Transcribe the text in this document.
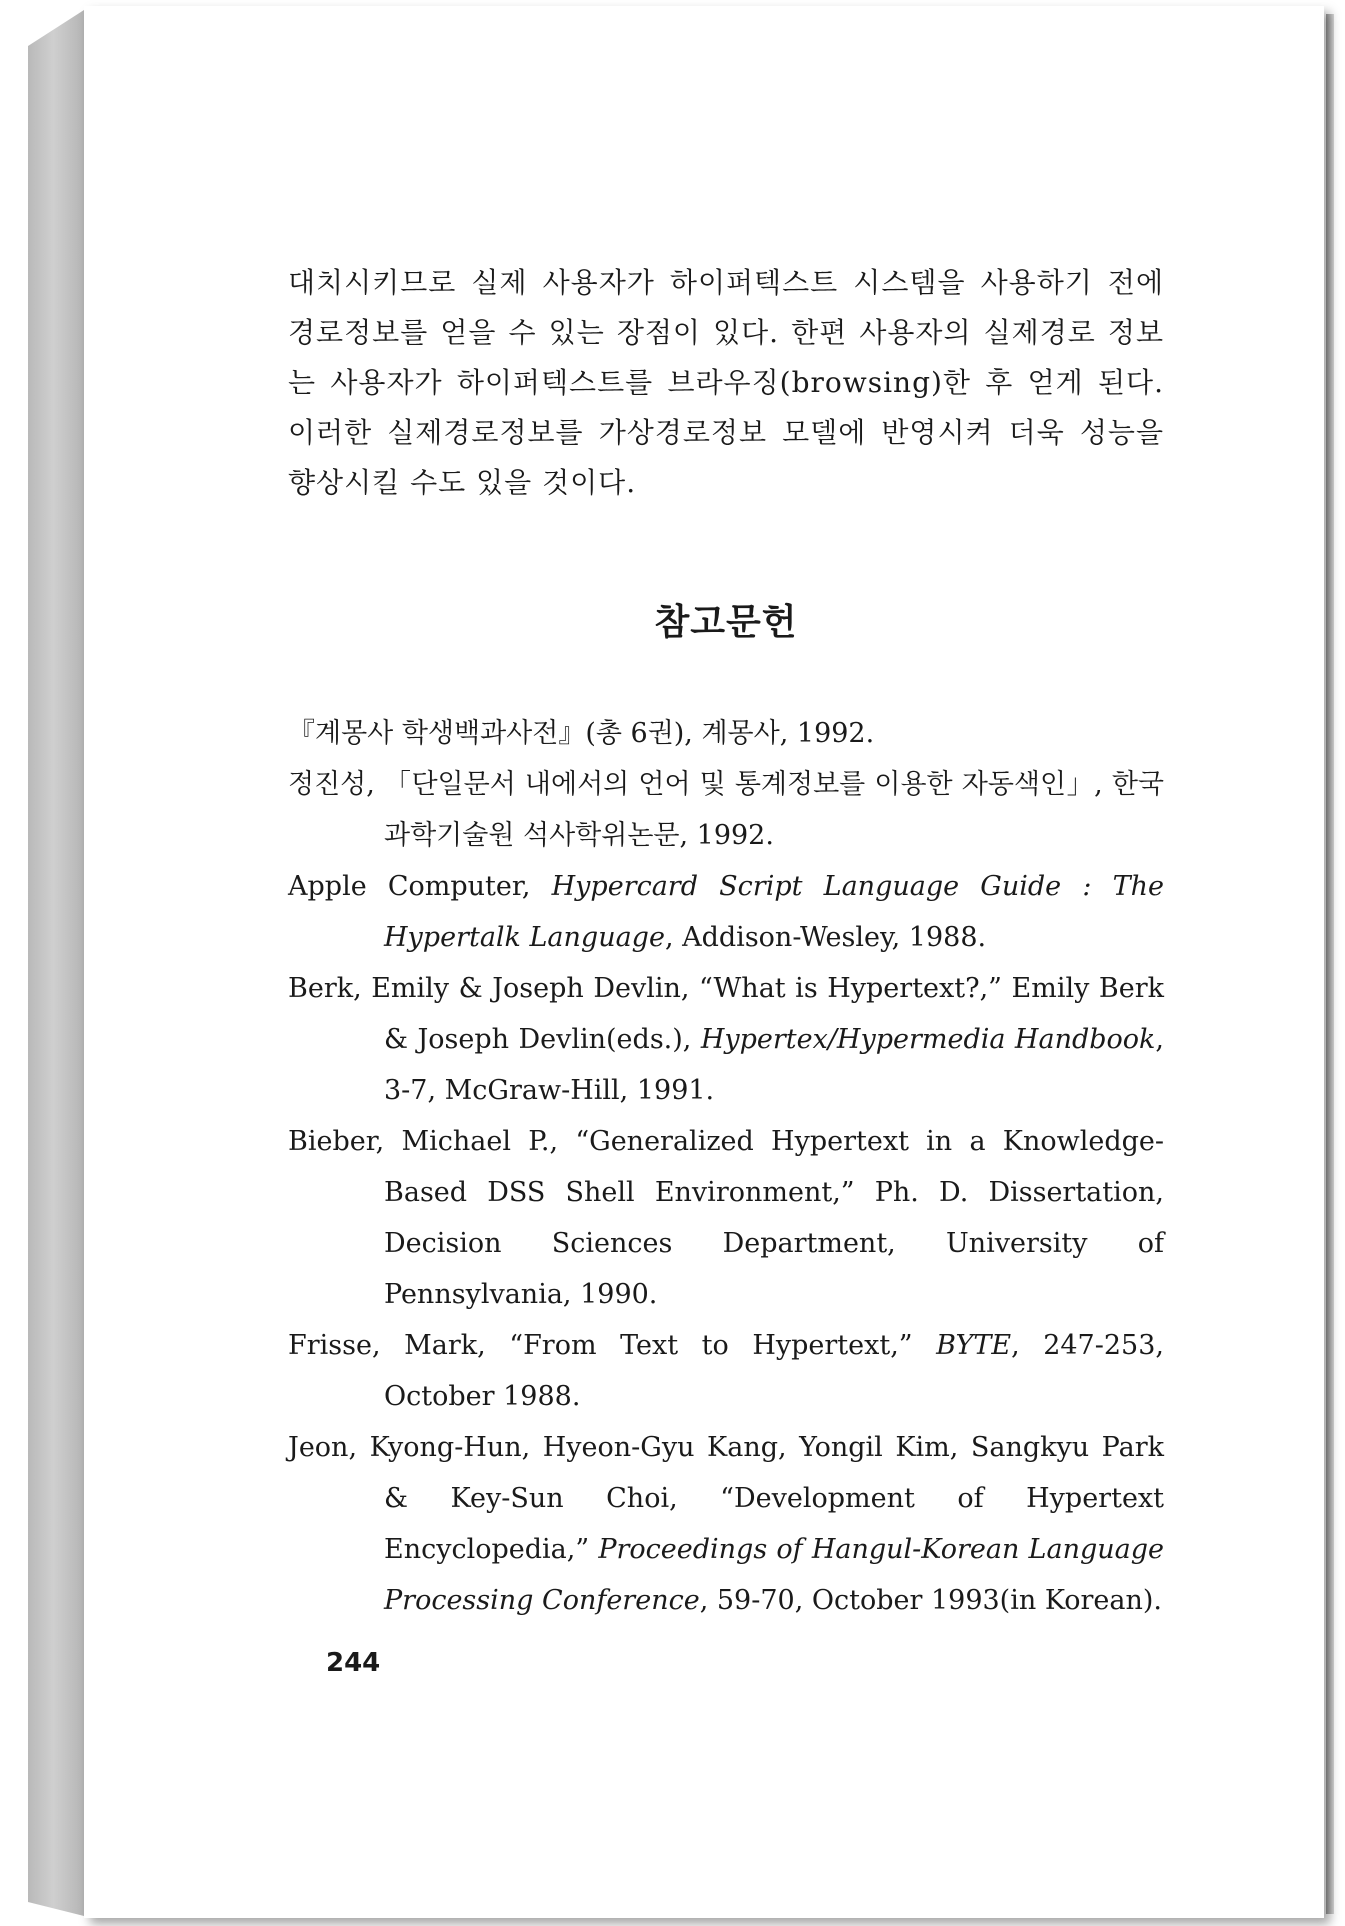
대치시키므로 실제 사용자가 하이퍼텍스트 시스템을 사용하기 전에 경로정보를 얻을 수 있는 장점이 있다. 한편 사용자의 실제경로 정보는 사용자가 하이퍼텍스트를 브라우징(browsing)한 후 얻게 된다. 이러한 실제경로정보를 가상경로정보 모델에 반영시켜 더욱 성능을 향상시킬 수도 있을 것이다.

참고문헌

『계몽사 학생백과사전』(총 6권), 계몽사, 1992.

정진성, 「단일문서 내에서의 언어 및 통계정보를 이용한 자동색인」, 한국과학기술원 석사학위논문, 1992.

Apple Computer, Hypercard Script Language Guide : The Hypertalk Language, Addison-Wesley, 1988.

Berk, Emily & Joseph Devlin, “What is Hypertext?,” Emily Berk & Joseph Devlin(eds.), Hypertex/Hypermedia Handbook, 3-7, McGraw-Hill, 1991.

Bieber, Michael P., “Generalized Hypertext in a Knowledge-Based DSS Shell Environment,” Ph. D. Dissertation, Decision Sciences Department, University of Pennsylvania, 1990.

Frisse, Mark, “From Text to Hypertext,” BYTE, 247-253, October 1988.

Jeon, Kyong-Hun, Hyeon-Gyu Kang, Yongil Kim, Sangkyu Park & Key-Sun Choi, “Development of Hypertext Encyclopedia,” Proceedings of Hangul-Korean Language Processing Conference, 59-70, October 1993(in Korean).

244
